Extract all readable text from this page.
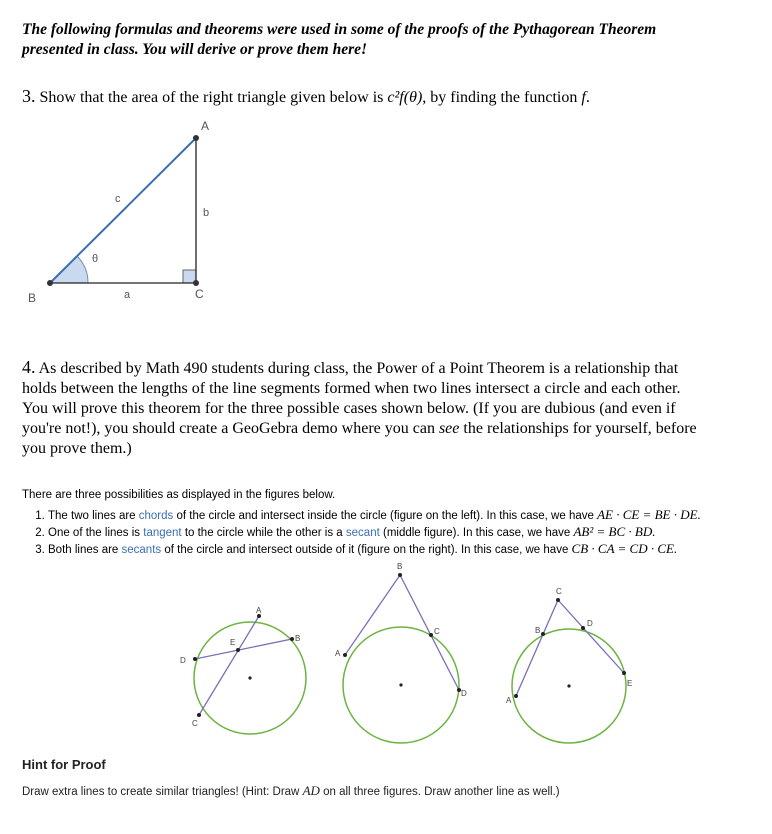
The following formulas and theorems were used in some of the proofs of the Pythagorean Theorem
presented in class. You will derive or prove them here!
3. Show that the area of the right triangle given below is c²f(θ), by finding the function f.
A
B	C
c
b
a
θ

4. As described by Math 490 students during class, the Power of a Point Theorem is a relationship that

holds between the lengths of the line segments formed when two lines intersect a circle and each other.

You will prove this theorem for the three possible cases shown below. (If you are dubious (and even if

you're not!), you should create a GeoGebra demo where you can see the relationships for yourself, before

you prove them.)

There are three possibilities as displayed in the figures below.
1. The two lines are chords of the circle and intersect inside the circle (figure on the left). In this case, we have AE · CE = BE · DE.
2. One of the lines is tangent to the circle while the other is a secant (middle figure). In this case, we have AB² = BC · BD.
3. Both lines are secants of the circle and intersect outside of it (figure on the right). In this case, we have CB · CA = CD · CE.
A
B
C
D
E
B
A
C
D
C
B
A
D
E
Hint for Proof
Draw extra lines to create similar triangles! (Hint: Draw AD on all three figures. Draw another line as well.)
